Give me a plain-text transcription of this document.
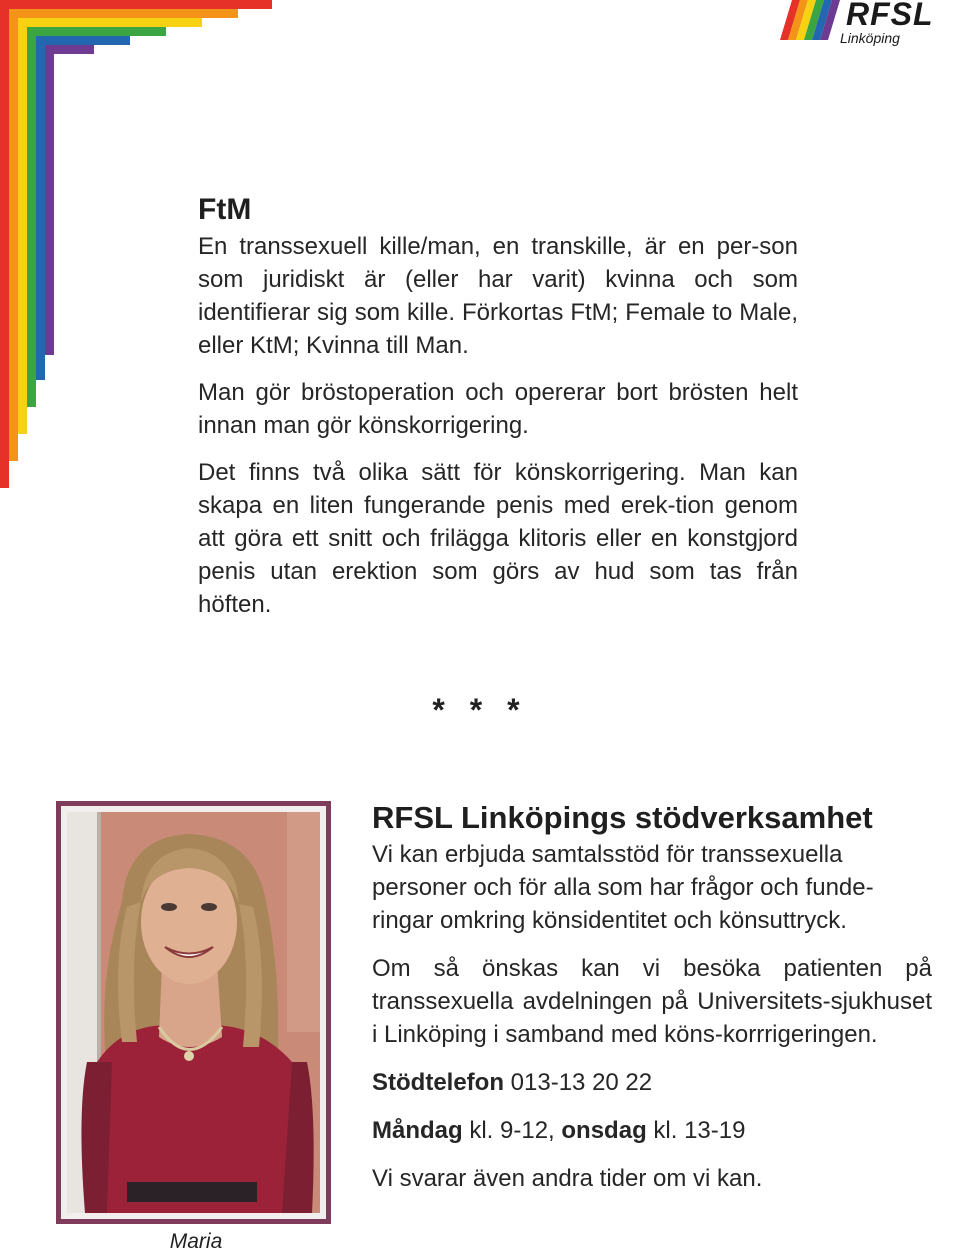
RFSL
Linköping
FtM

En transsexuell kille/man, en transkille, är en per-son som juridiskt är (eller har varit) kvinna och som identifierar sig som kille. Förkortas FtM; Female to Male, eller KtM; Kvinna till Man.

Man gör bröstoperation och opererar bort brösten helt innan man gör könskorrigering.

Det finns två olika sätt för könskorrigering. Man kan skapa en liten fungerande penis med erek-tion genom att göra ett snitt och frilägga klitoris eller en konstgjord penis utan erektion som görs av hud som tas från höften.

* * *
Maria
RFSL Linköpings stödverksamhet

Vi kan erbjuda samtalsstöd för transsexuella personer och för alla som har frågor och funde-ringar omkring könsidentitet och könsuttryck.

Om så önskas kan vi besöka patienten på transsexuella avdelningen på Universitets-sjukhuset i Linköping i samband med köns-korrrigeringen.

Stödtelefon 013-13 20 22

Måndag kl. 9-12, onsdag kl. 13-19

Vi svarar även andra tider om vi kan.
